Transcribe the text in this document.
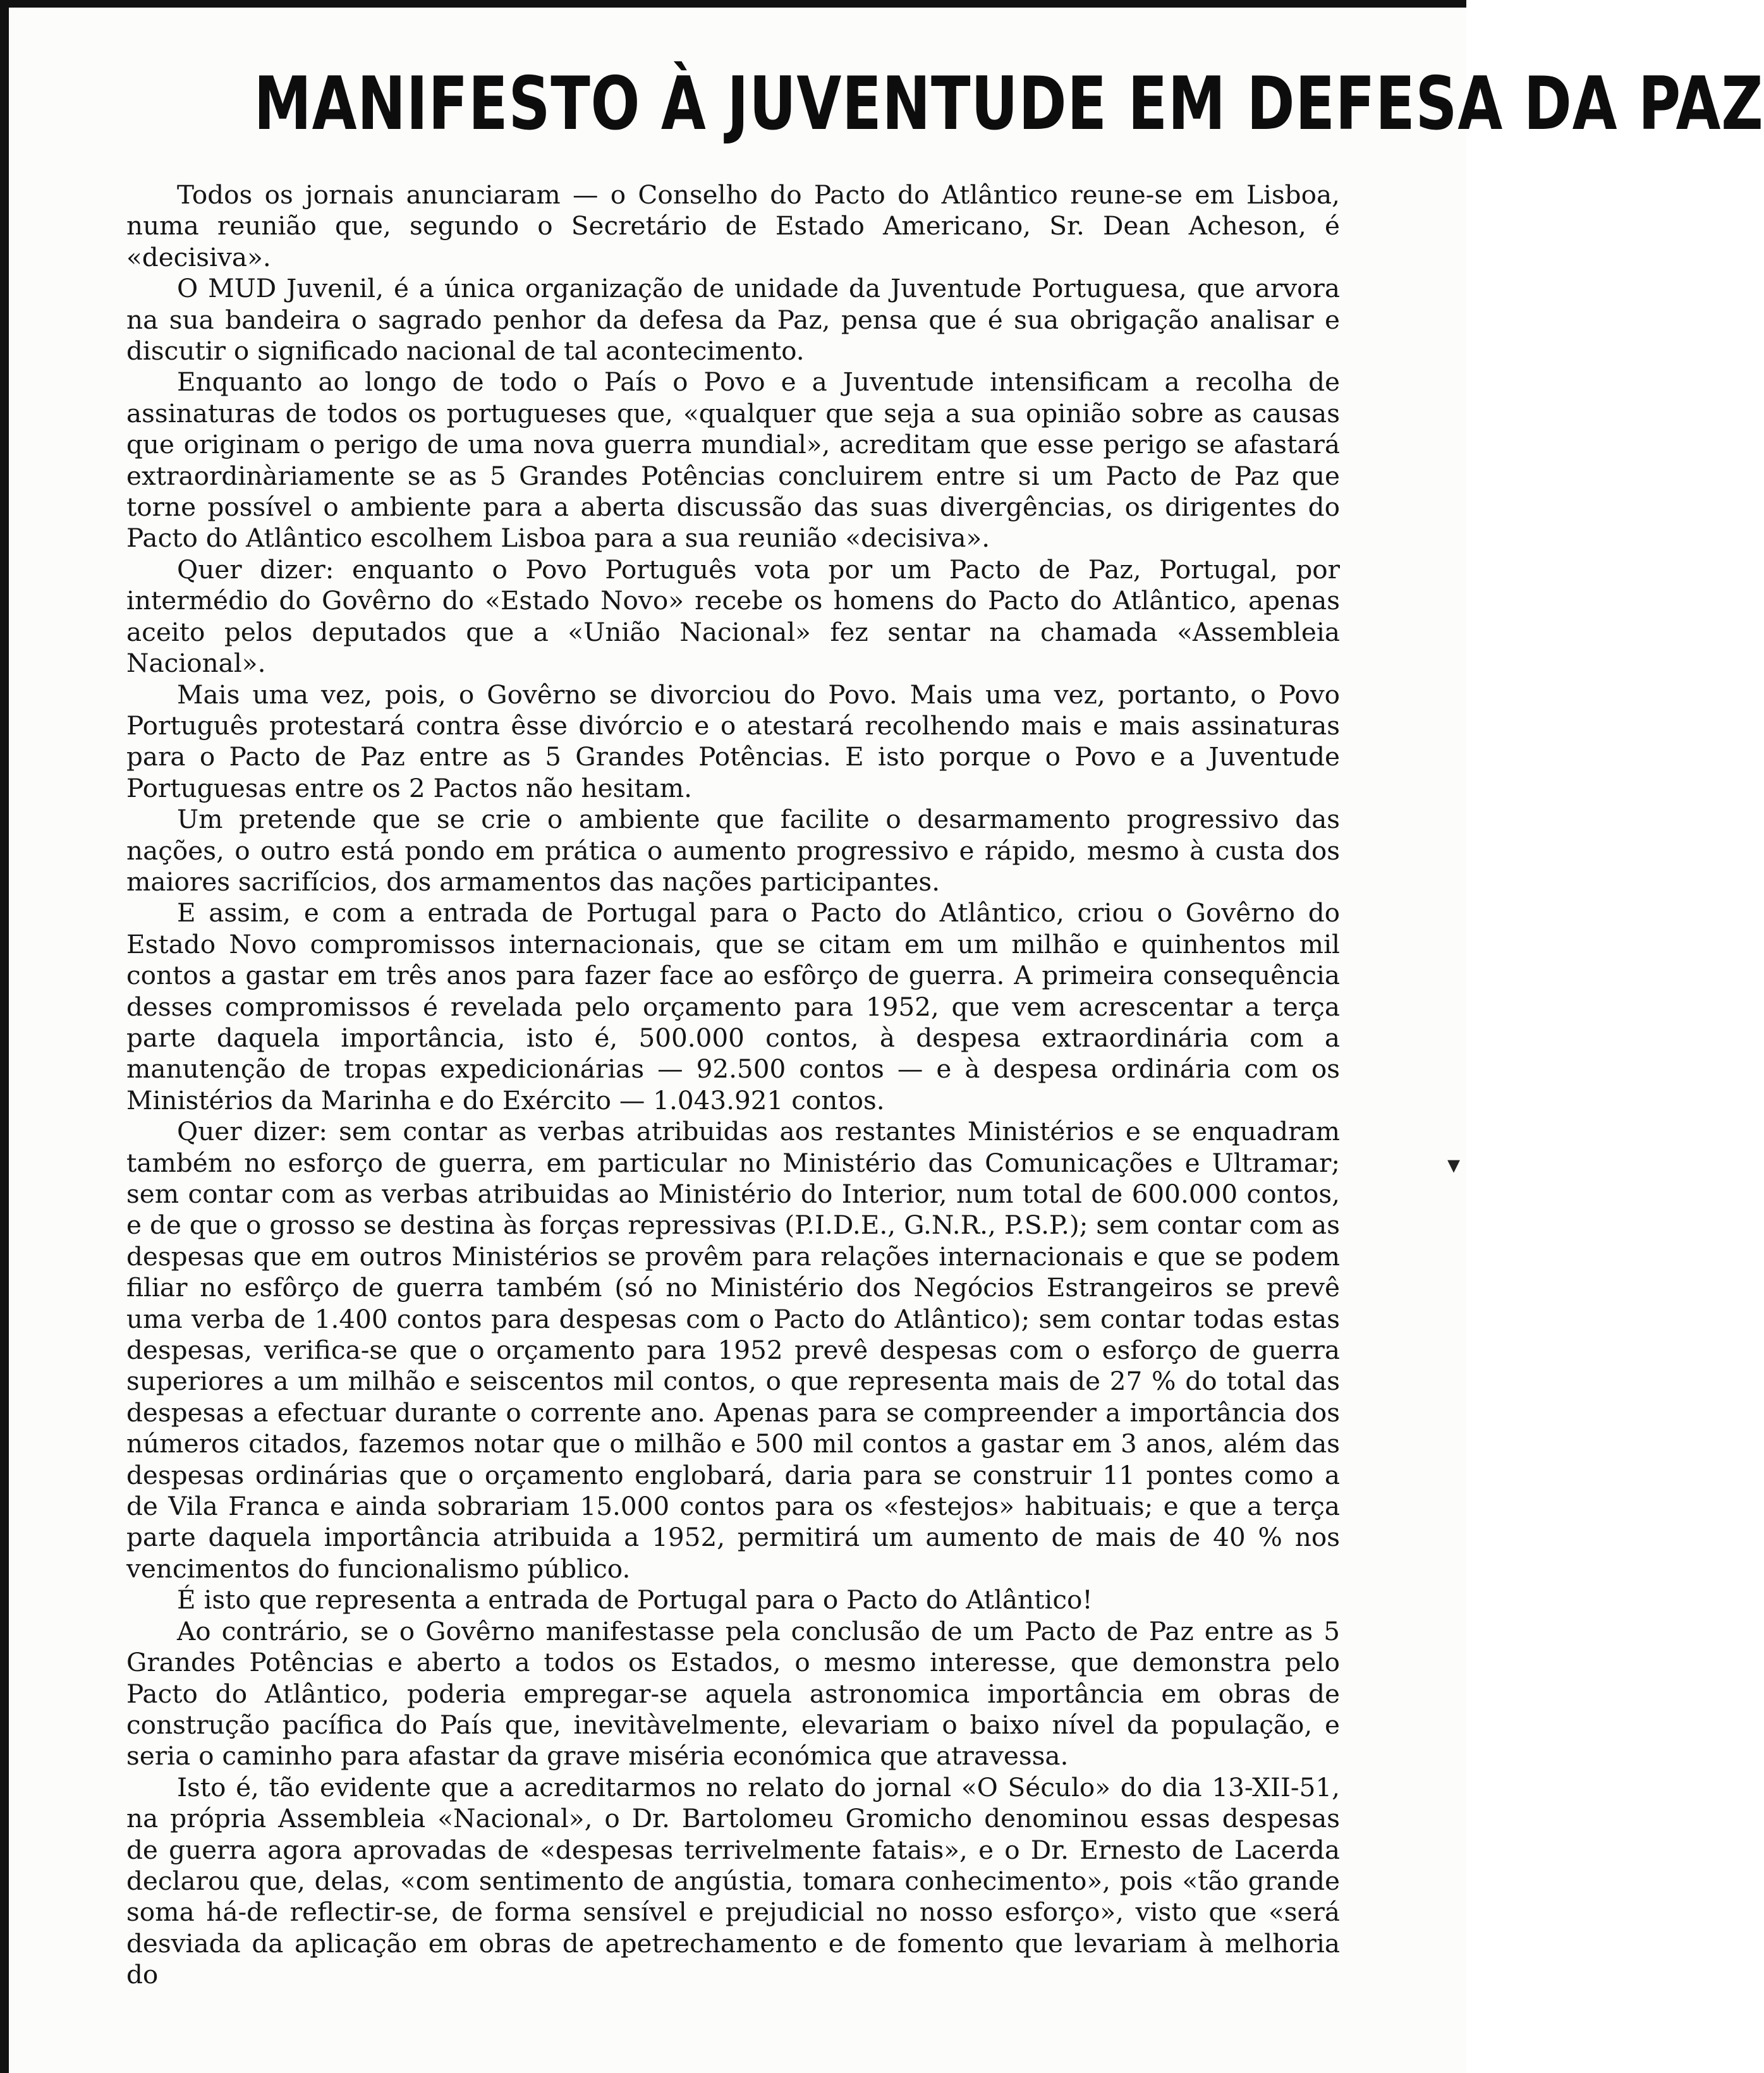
MANIFESTO À JUVENTUDE EM DEFESA DA PAZ

Todos os jornais anunciaram — o Conselho do Pacto do Atlântico reune-se em Lisboa, numa reunião que, segundo o Secretário de Estado Americano, Sr. Dean Acheson, é «decisiva».

O MUD Juvenil, é a única organização de unidade da Juventude Portuguesa, que arvora na sua bandeira o sagrado penhor da defesa da Paz, pensa que é sua obrigação analisar e discutir o significado nacional de tal acontecimento.

Enquanto ao longo de todo o País o Povo e a Juventude intensificam a recolha de assinaturas de todos os portugueses que, «qualquer que seja a sua opinião sobre as causas que originam o perigo de uma nova guerra mundial», acreditam que esse perigo se afastará extraordinàriamente se as 5 Grandes Potências concluirem entre si um Pacto de Paz que torne possível o ambiente para a aberta discussão das suas divergências, os dirigentes do Pacto do Atlântico escolhem Lisboa para a sua reunião «decisiva».

Quer dizer: enquanto o Povo Português vota por um Pacto de Paz, Portugal, por intermédio do Govêrno do «Estado Novo» recebe os homens do Pacto do Atlântico, apenas aceito pelos deputados que a «União Nacional» fez sentar na chamada «Assembleia Nacional».

Mais uma vez, pois, o Govêrno se divorciou do Povo. Mais uma vez, portanto, o Povo Português protestará contra êsse divórcio e o atestará recolhendo mais e mais assinaturas para o Pacto de Paz entre as 5 Grandes Potências. E isto porque o Povo e a Juventude Portuguesas entre os 2 Pactos não hesitam.

Um pretende que se crie o ambiente que facilite o desarmamento progressivo das nações, o outro está pondo em prática o aumento progressivo e rápido, mesmo à custa dos maiores sacrifícios, dos armamentos das nações participantes.

E assim, e com a entrada de Portugal para o Pacto do Atlântico, criou o Govêrno do Estado Novo compromissos internacionais, que se citam em um milhão e quinhentos mil contos a gastar em três anos para fazer face ao esfôrço de guerra. A primeira consequência desses compromissos é revelada pelo orçamento para 1952, que vem acrescentar a terça parte daquela importância, isto é, 500.000 contos, à despesa extraordinária com a manutenção de tropas expedicionárias — 92.500 contos — e à despesa ordinária com os Ministérios da Marinha e do Exército — 1.043.921 contos.

Quer dizer: sem contar as verbas atribuidas aos restantes Ministérios e se enquadram também no esforço de guerra, em particular no Ministério das Comunicações e Ultramar; sem contar com as verbas atribuidas ao Ministério do Interior, num total de 600.000 contos, e de que o grosso se destina às forças repressivas (P.I.D.E., G.N.R., P.S.P.); sem contar com as despesas que em outros Ministérios se provêm para relações internacionais e que se podem filiar no esfôrço de guerra também (só no Ministério dos Negócios Estrangeiros se prevê uma verba de 1.400 contos para despesas com o Pacto do Atlântico); sem contar todas estas despesas, verifica-se que o orçamento para 1952 prevê despesas com o esforço de guerra superiores a um milhão e seiscentos mil contos, o que representa mais de 27 % do total das despesas a efectuar durante o corrente ano. Apenas para se compreender a importância dos números citados, fazemos notar que o milhão e 500 mil contos a gastar em 3 anos, além das despesas ordinárias que o orçamento englobará, daria para se construir 11 pontes como a de Vila Franca e ainda sobrariam 15.000 contos para os «festejos» habituais; e que a terça parte daquela importância atribuida a 1952, permitirá um aumento de mais de 40 % nos vencimentos do funcionalismo público.

É isto que representa a entrada de Portugal para o Pacto do Atlântico!

Ao contrário, se o Govêrno manifestasse pela conclusão de um Pacto de Paz entre as 5 Grandes Potências e aberto a todos os Estados, o mesmo interesse, que demonstra pelo Pacto do Atlântico, poderia empregar-se aquela astronomica importância em obras de construção pacífica do País que, inevitàvelmente, elevariam o baixo nível da população, e seria o caminho para afastar da grave miséria económica que atravessa.

Isto é, tão evidente que a acreditarmos no relato do jornal «O Século» do dia 13-XII-51, na própria Assembleia «Nacional», o Dr. Bartolomeu Gromicho denominou essas despesas de guerra agora aprovadas de «despesas terrivelmente fatais», e o Dr. Ernesto de Lacerda declarou que, delas, «com sentimento de angústia, tomara conhecimento», pois «tão grande soma há-de reflectir-se, de forma sensível e prejudicial no nosso esforço», visto que «será desviada da aplicação em obras de apetrechamento e de fomento que levariam à melhoria do

▾
